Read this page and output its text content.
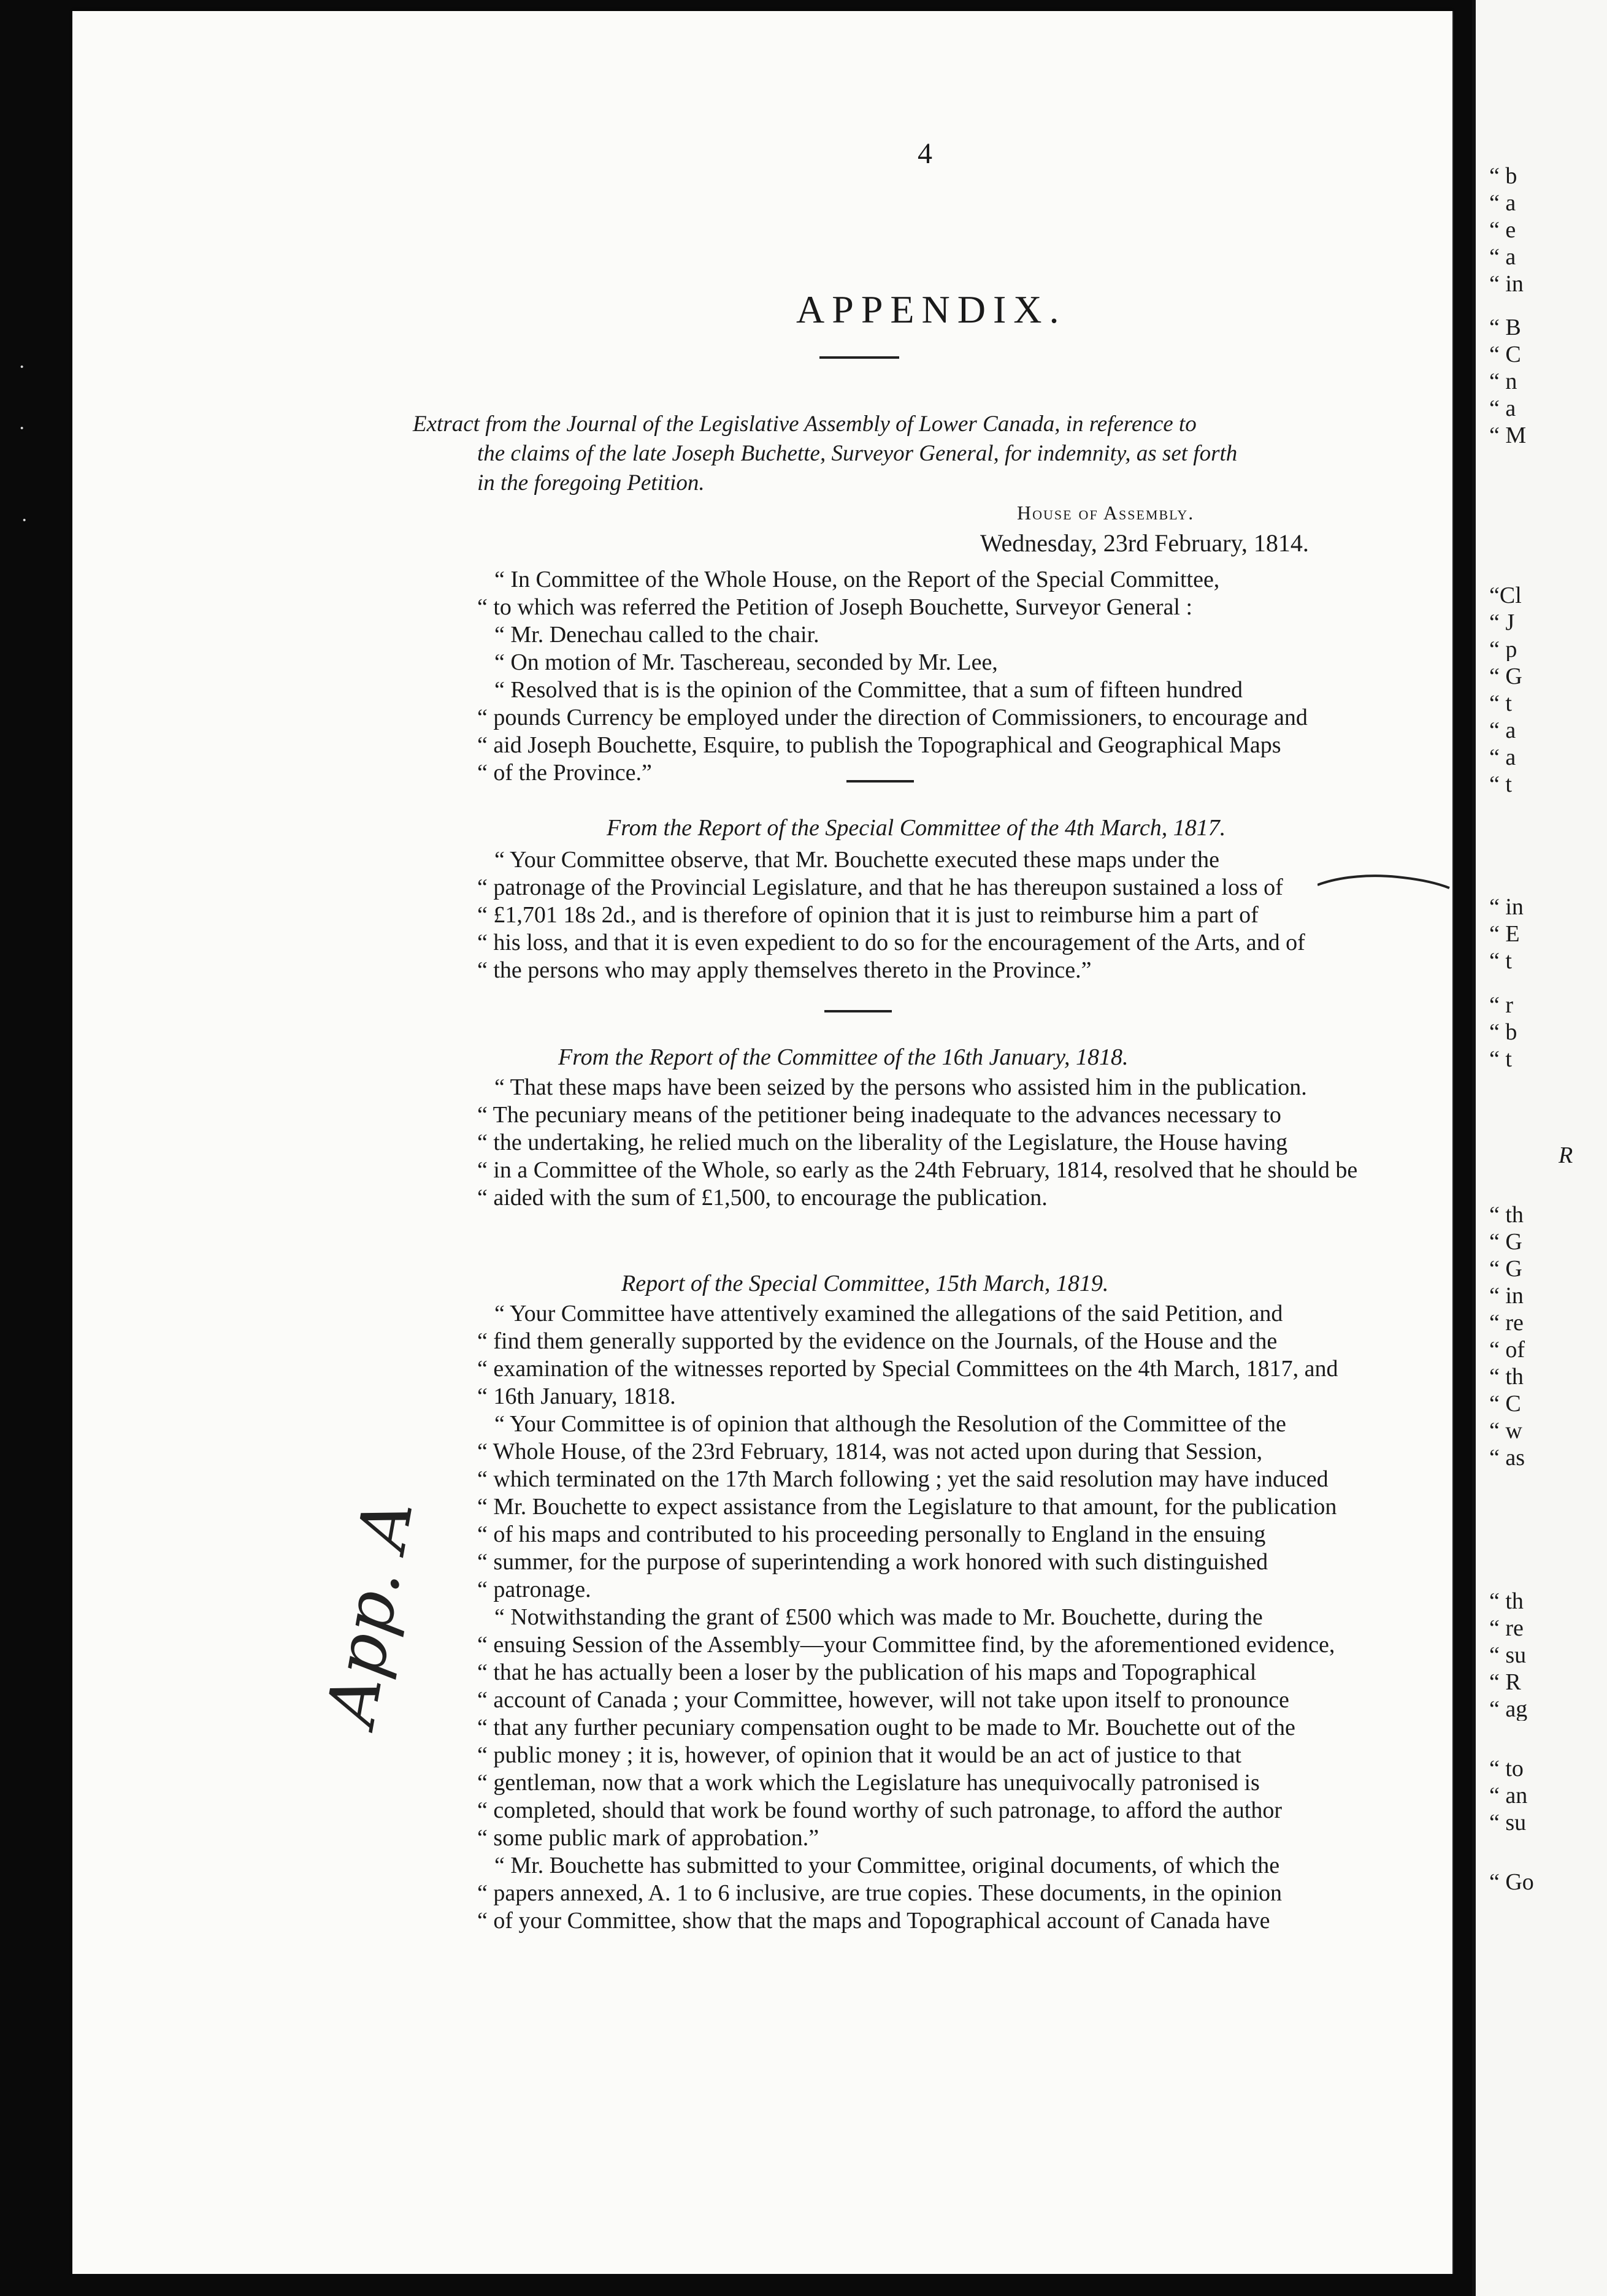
4
APPENDIX.
Extract from the Journal of the Legislative Assembly of Lower Canada, in reference to
the claims of the late Joseph Buchette, Surveyor General, for indemnity, as set forth
in the foregoing Petition.
House of Assembly.
Wednesday, 23rd February, 1814.
“ In Committee of the Whole House, on the Report of the Special Committee,
“ to which was referred the Petition of Joseph Bouchette, Surveyor General :
“ Mr. Denechau called to the chair.
“ On motion of Mr. Taschereau, seconded by Mr. Lee,
“ Resolved that is is the opinion of the Committee, that a sum of fifteen hundred
“ pounds Currency be employed under the direction of Commissioners, to encourage and
“ aid Joseph Bouchette, Esquire, to publish the Topographical and Geographical Maps
“ of the Province.”
From the Report of the Special Committee of the 4th March, 1817.
“ Your Committee observe, that Mr. Bouchette executed these maps under the
“ patronage of the Provincial Legislature, and that he has thereupon sustained a loss of
“ £1,701 18s 2d., and is therefore of opinion that it is just to reimburse him a part of
“ his loss, and that it is even expedient to do so for the encouragement of the Arts, and of
“ the persons who may apply themselves thereto in the Province.”
From the Report of the Committee of the 16th January, 1818.
“ That these maps have been seized by the persons who assisted him in the publication.
“ The pecuniary means of the petitioner being inadequate to the advances necessary to
“ the undertaking, he relied much on the liberality of the Legislature, the House having
“ in a Committee of the Whole, so early as the 24th February, 1814, resolved that he should be
“ aided with the sum of £1,500, to encourage the publication.
Report of the Special Committee, 15th March, 1819.
“ Your Committee have attentively examined the allegations of the said Petition, and
“ find them generally supported by the evidence on the Journals, of the House and the
“ examination of the witnesses reported by Special Committees on the 4th March, 1817, and
“ 16th January, 1818.
“ Your Committee is of opinion that although the Resolution of the Committee of the
“ Whole House, of the 23rd February, 1814, was not acted upon during that Session,
“ which terminated on the 17th March following ; yet the said resolution may have induced
“ Mr. Bouchette to expect assistance from the Legislature to that amount, for the publication
“ of his maps and contributed to his proceeding personally to England in the ensuing
“ summer, for the purpose of superintending a work honored with such distinguished
“ patronage.
“ Notwithstanding the grant of £500 which was made to Mr. Bouchette, during the
“ ensuing Session of the Assembly—your Committee find, by the aforementioned evidence,
“ that he has actually been a loser by the publication of his maps and Topographical
“ account of Canada ; your Committee, however, will not take upon itself to pronounce
“ that any further pecuniary compensation ought to be made to Mr. Bouchette out of the
“ public money ; it is, however, of opinion that it would be an act of justice to that
“ gentleman, now that a work which the Legislature has unequivocally patronised is
“ completed, should that work be found worthy of such patronage, to afford the author
“ some public mark of approbation.”
“ Mr. Bouchette has submitted to your Committee, original documents, of which the
“ papers annexed, A. 1 to 6 inclusive, are true copies. These documents, in the opinion
“ of your Committee, show that the maps and Topographical account of Canada have
App. A
·
·
·
“ b
“ a
“ e
“ a
“ in
“ B
“ C
“ n
“ a
“ M
“Cl
“ J
“ p
“ G
“ t
“ a
“ a
“ t
“ in
“ E
“ t
“ r
“ b
“ t
R
“ th
“ G
“ G
“ in
“ re
“ of
“ th
“ C
“ w
“ as
“ th
“ re
“ su
“ R
“ ag
“ to
“ an
“ su
“ Go
